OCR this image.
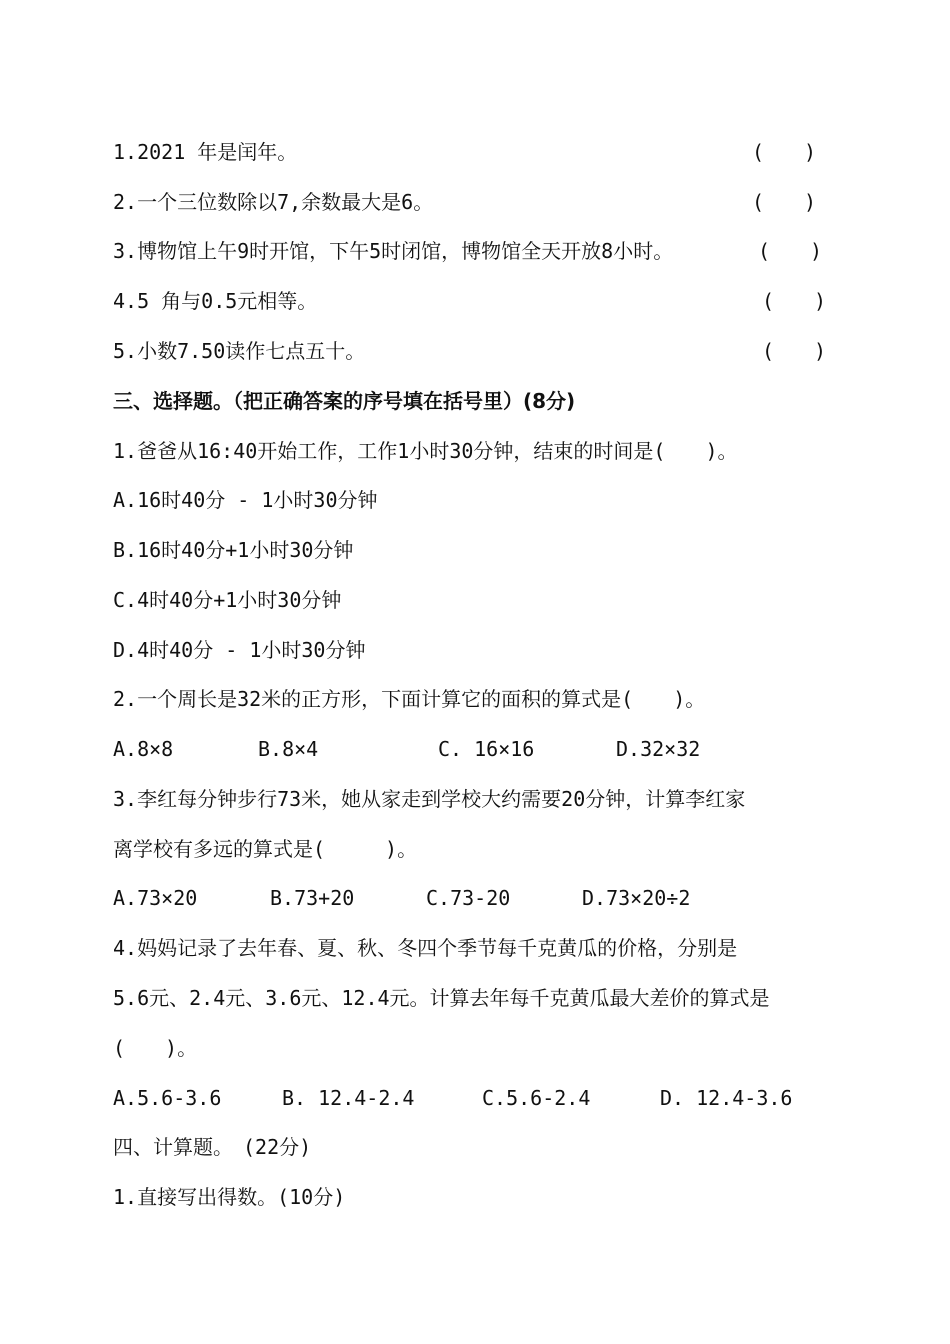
1.2021 年是闰年。	(　　)
2.一个三位数除以7,余数最大是6。	(　　)
3.博物馆上午9时开馆，下午5时闭馆，博物馆全天开放8小时。	(　　)
4.5 角与0.5元相等。	(　　)
5.小数7.50读作七点五十。	(　　)
三、选择题。（把正确答案的序号填在括号里）(8分)
1.爸爸从16:40开始工作，工作1小时30分钟，结束的时间是(　　)。
A.16时40分 - 1小时30分钟
B.16时40分+1小时30分钟
C.4时40分+1小时30分钟
D.4时40分 - 1小时30分钟
2.一个周长是32米的正方形，下面计算它的面积的算式是(　　)。
A.8×8	B.8×4	C. 16×16	D.32×32
3.李红每分钟步行73米，她从家走到学校大约需要20分钟，计算李红家
离学校有多远的算式是(　　　)。
A.73×20	B.73+20	C.73-20	D.73×20÷2
4.妈妈记录了去年春、夏、秋、冬四个季节每千克黄瓜的价格，分别是
5.6元、2.4元、3.6元、12.4元。计算去年每千克黄瓜最大差价的算式是
(　　)。
A.5.6-3.6	B. 12.4-2.4	C.5.6-2.4	D. 12.4-3.6
四、计算题。　(22分)
1.直接写出得数。(10分)
